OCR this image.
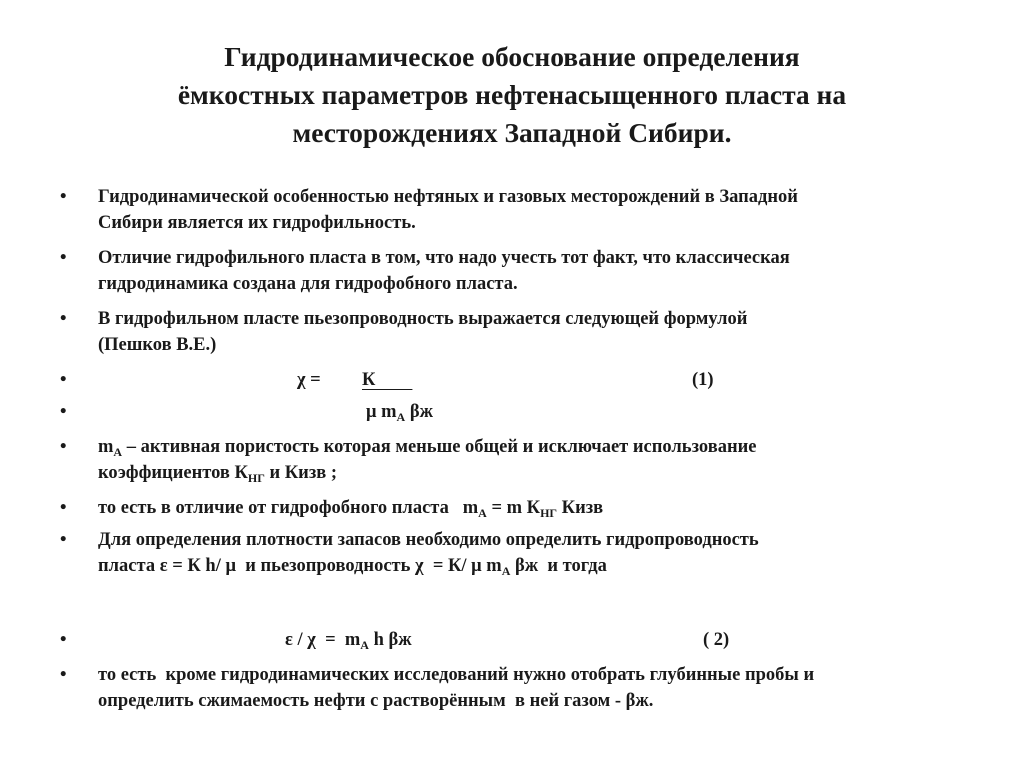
Гидродинамическое обоснование определения
ёмкостных параметров нефтенасыщенного пласта на
месторождениях Западной Сибири.
• Гидродинамической особенностью нефтяных и газовых месторождений в Западной
Сибири является их гидрофильность.
• Отличие гидрофильного пласта в том, что надо учесть тот факт, что классическая
гидродинамика создана для гидрофобного пласта.
• В гидрофильном пласте пьезопроводность выражается следующей формулой
(Пешков В.Е.)
•	χ = К	(1)
•	μ $m_А$ βж
• $m_А$ – активная пористость которая меньше общей и исключает использование
коэффициентов $К_{НГ}$ и Кизв ;
• то есть в отличие от гидрофобного пласта   $m_А = m$ $К_{НГ}$ Кизв
• Для определения плотности запасов необходимо определить гидропроводность
пласта ε = К h/ μ  и пьезопроводность χ  = К/ μ $m_А$ βж  и тогда
•	$\varepsilon / \chi = m_А$ h βж	( 2)
• то есть  кроме гидродинамических исследований нужно отобрать глубинные пробы и
определить сжимаемость нефти с растворённым  в ней газом - βж.
